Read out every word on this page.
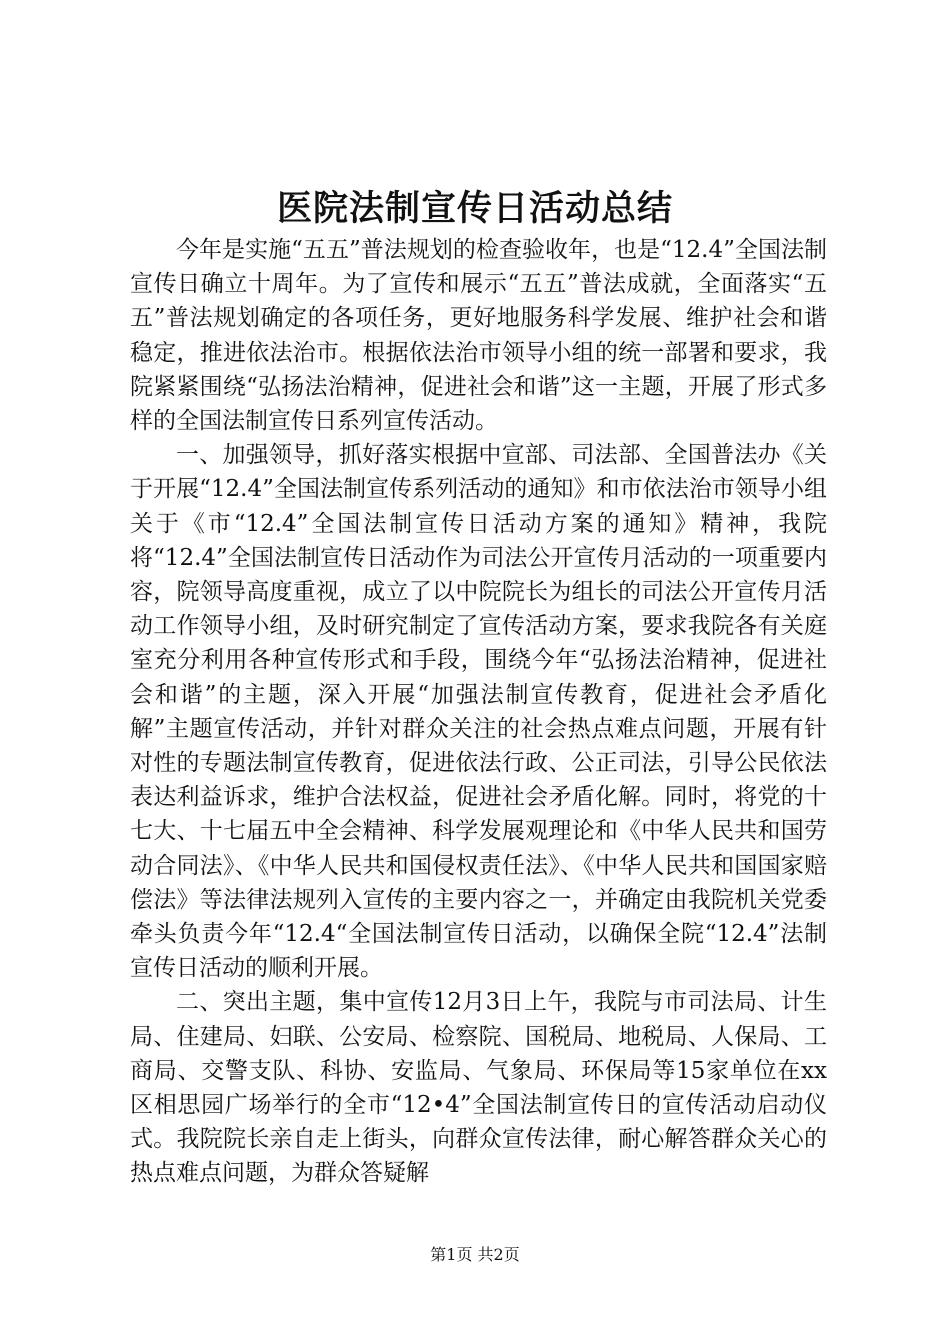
医院法制宣传日活动总结

今年是实施“五五”普法规划的检查验收年，也是“12.4”全国法制宣传日确立十周年。为了宣传和展示“五五”普法成就，全面落实“五五”普法规划确定的各项任务，更好地服务科学发展、维护社会和谐稳定，推进依法治市。根据依法治市领导小组的统一部署和要求，我院紧紧围绕“弘扬法治精神，促进社会和谐”这一主题，开展了形式多样的全国法制宣传日系列宣传活动。

一、加强领导，抓好落实根据中宣部、司法部、全国普法办《关于开展“12.4”全国法制宣传系列活动的通知》和市依法治市领导小组关于《市“12.4”全国法制宣传日活动方案的通知》精神，我院将“12.4”全国法制宣传日活动作为司法公开宣传月活动的一项重要内容，院领导高度重视，成立了以中院院长为组长的司法公开宣传月活动工作领导小组，及时研究制定了宣传活动方案，要求我院各有关庭室充分利用各种宣传形式和手段，围绕今年“弘扬法治精神，促进社会和谐”的主题，深入开展“加强法制宣传教育，促进社会矛盾化解”主题宣传活动，并针对群众关注的社会热点难点问题，开展有针对性的专题法制宣传教育，促进依法行政、公正司法，引导公民依法表达利益诉求，维护合法权益，促进社会矛盾化解。同时，将党的十七大、十七届五中全会精神、科学发展观理论和《中华人民共和国劳动合同法》、《中华人民共和国侵权责任法》、《中华人民共和国国家赔偿法》等法律法规列入宣传的主要内容之一，并确定由我院机关党委牵头负责今年“12.4“全国法制宣传日活动，以确保全院“12.4”法制宣传日活动的顺利开展。

二、突出主题，集中宣传12月3日上午，我院与市司法局、计生局、住建局、妇联、公安局、检察院、国税局、地税局、人保局、工商局、交警支队、科协、安监局、气象局、环保局等15家单位在xx区相思园广场举行的全市“12•4”全国法制宣传日的宣传活动启动仪式。我院院长亲自走上街头，向群众宣传法律，耐心解答群众关心的热点难点问题，为群众答疑解

第1页 共2页
